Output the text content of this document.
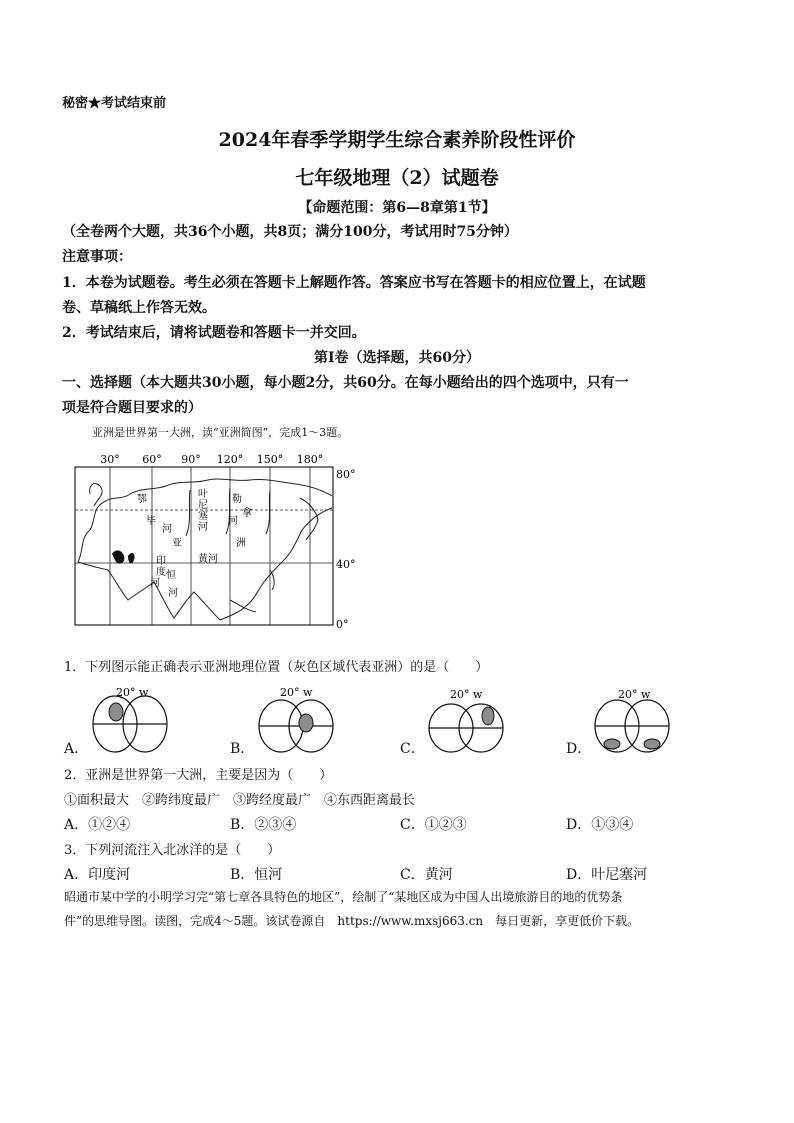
秘密★考试结束前
2024年春季学期学生综合素养阶段性评价
七年级地理（2）试题卷
【命题范围：第6—8章第1节】
（全卷两个大题，共36个小题，共8页；满分100分，考试用时75分钟）
注意事项：
1．本卷为试题卷。考生必须在答题卡上解题作答。答案应书写在答题卡的相应位置上，在试题
卷、草稿纸上作答无效。
2．考试结束后，请将试题卷和答题卡一并交回。
第Ⅰ卷（选择题，共60分）
一、选择题（本大题共30小题，每小题2分，共60分。在每小题给出的四个选项中，只有一
项是符合题目要求的）
亚洲是世界第一大洲，读“亚洲简图”，完成1～3题。
30° 60° 90° 120° 150° 180°
80°
40°
0°
鄂
毕
河
叶
尼
塞
河
勒
拿
河
亚	洲
黄河
印
度
河
恒
河
1．下列图示能正确表示亚洲地理位置（灰色区域代表亚洲）的是（　　）
A．
20° w
B．
20° w
C．
20° w
D．
20° w
2．亚洲是世界第一大洲，主要是因为（　　）
①面积最大　②跨纬度最广　③跨经度最广　④东西距离最长
A．①②④	B．②③④	C．①②③	D．①③④
3．下列河流注入北冰洋的是（　　）
A．印度河	B．恒河	C．黄河	D．叶尼塞河
昭通市某中学的小明学习完“第七章各具特色的地区”，绘制了“某地区成为中国人出境旅游目的地的优势条
件”的思维导图。读图，完成4～5题。该试卷源自　https://www.mxsj663.cn　每日更新，享更低价下载。
